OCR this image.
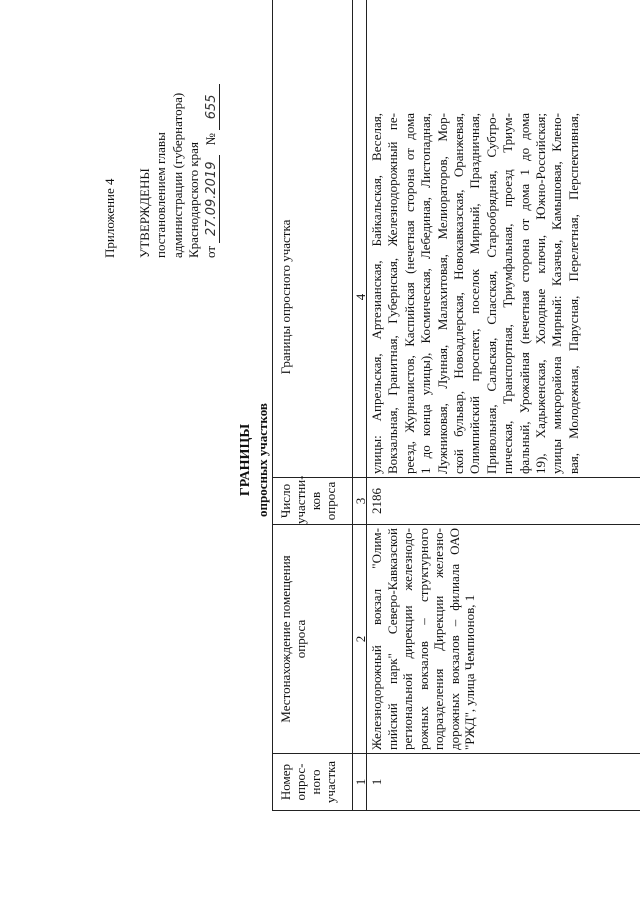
Приложение 4 УТВЕРЖДЕНЫ постановлением главы администрации (губернатора) Краснодарского края от 27.09.2019 № 655
ГРАНИЦЫ опросных участков
Номер опрос- ного участка
Местонахождение помещения опроса
Число участни- ков опроса
Границы опросного участка
1
2
3
4
1
Железнодорожный вокзал "Олим- пийский парк" Северо-Кавказской региональной дирекции железнодо- рожных вокзалов – структурного подразделения Дирекции железно- дорожных вокзалов – филиала ОАО "РЖД", улица Чемпионов, 1
2186
улицы: Апрельская, Артезианская, Байкальская, Веселая, Вокзальная, Гранитная, Губернская, Железнодорожный пе- реезд, Журналистов, Каспийская (нечетная сторона от дома 1 до конца улицы), Космическая, Лебединая, Листопадная, Лужниковая, Лунная, Малахитовая, Мелиораторов, Мор- ской бульвар, Новоадлерская, Новокавказская, Оранжевая, Олимпийский проспект, поселок Мирный, Праздничная, Привольная, Сальская, Спасская, Старообрядная, Субтро- пическая, Транспортная, Триумфальная, проезд Триум- фальный, Урожайная (нечетная сторона от дома 1 до дома 19), Хадыженская, Холодные ключи, Южно-Российская; улицы микрорайона Мирный: Казачья, Камышовая, Клено- вая, Молодежная, Парусная, Перелетная, Перспективная,
